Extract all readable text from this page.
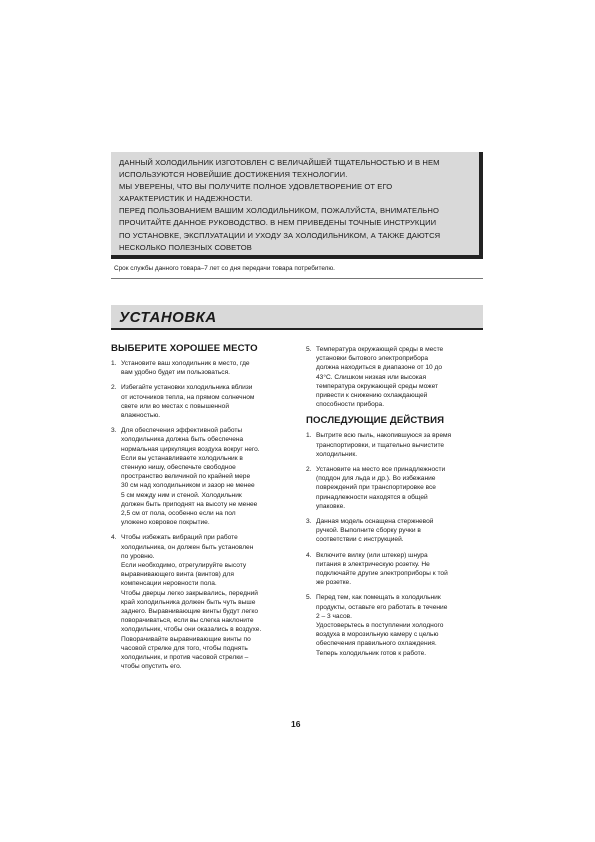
ДАННЫЙ ХОЛОДИЛЬНИК ИЗГОТОВЛЕН С ВЕЛИЧАЙШЕЙ ТЩАТЕЛЬНОСТЬЮ И В НЕМ
ИСПОЛЬЗУЮТСЯ НОВЕЙШИЕ ДОСТИЖЕНИЯ ТЕХНОЛОГИИ.
МЫ УВЕРЕНЫ, ЧТО ВЫ ПОЛУЧИТЕ ПОЛНОЕ УДОВЛЕТВОРЕНИЕ ОТ ЕГО
ХАРАКТЕРИСТИК И НАДЕЖНОСТИ.
ПЕРЕД ПОЛЬЗОВАНИЕМ ВАШИМ ХОЛОДИЛЬНИКОМ, ПОЖАЛУЙСТА, ВНИМАТЕЛЬНО
ПРОЧИТАЙТЕ ДАННОЕ РУКОВОДСТВО. В НЕМ ПРИВЕДЕНЫ ТОЧНЫЕ ИНСТРУКЦИИ
ПО УСТАНОВКЕ, ЭКСПЛУАТАЦИИ И УХОДУ ЗА ХОЛОДИЛЬНИКОМ, А ТАКЖЕ ДАЮТСЯ
НЕСКОЛЬКО ПОЛЕЗНЫХ СОВЕТОВ
Срок службы данного товара–7 лет со дня передачи товара потребителю.
УСТАНОВКА
ВЫБЕРИТЕ ХОРОШЕЕ МЕСТО
1. Установите ваш холодильник в место, где
вам удобно будет им пользоваться.
2. Избегайте установки холодильника вблизи
от источников тепла, на прямом солнечном
свете или во местах с повышенной
влажностью.
3. Для обеспечения эффективной работы
холодильника должна быть обеспечена
нормальная циркуляция воздуха вокруг него.
Если вы устанавливаете холодильник в
стенную нишу, обеспечьте свободное
пространство величиной по крайней мере
30 см над холодильником и зазор не менее
5 см между ним и стеной. Холодильник
должен быть приподнят на высоту не менее
2,5 см от пола, особенно если на пол
уложено ковровое покрытие.
4. Чтобы избежать вибраций при работе
холодильника, он должен быть установлен
по уровню.
Если необходимо, отрегулируйте высоту
выравнивающего винта (винтов) для
компенсации неровности пола.
Чтобы дверцы легко закрывались, передний
край холодильника должен быть чуть выше
заднего. Выравнивающие винты будут легко
поворачиваться, если вы слегка наклоните
холодильник, чтобы они оказались в воздухе.
Поворачивайте выравнивающие винты по
часовой стрелке для того, чтобы поднять
холодильник, и против часовой стрелки –
чтобы опустить его.
5. Температура окружающей среды в месте
установки бытового электроприбора
должна находиться в диапазоне от 10 до
43°С. Слишком низкая или высокая
температура окружающей среды может
привести к снижению охлаждающей
способности прибора.
ПОСЛЕДУЮЩИЕ ДЕЙСТВИЯ
1. Вытрите всю пыль, накопившуюся за время
транспортировки, и тщательно вычистите
холодильник.
2. Установите на место все принадлежности
(поддон для льда и др.). Во избежание
повреждений при транспортировке все
принадлежности находятся в общей
упаковке.
3. Данная модель оснащена стержневой
ручкой. Выполните сборку ручки в
соответствии с инструкцией.
4. Включите вилку (или штекер) шнура
питания в электрическую розетку. Не
подключайте другие электроприборы к той
же розетке.
5. Перед тем, как помещать в холодильник
продукты, оставьте его работать в течение
2 – 3 часов.
Удостоверьтесь в поступлении холодного
воздуха в морозильную камеру с целью
обеспечения правильного охлаждения.
Теперь холодильник готов к работе.
16
